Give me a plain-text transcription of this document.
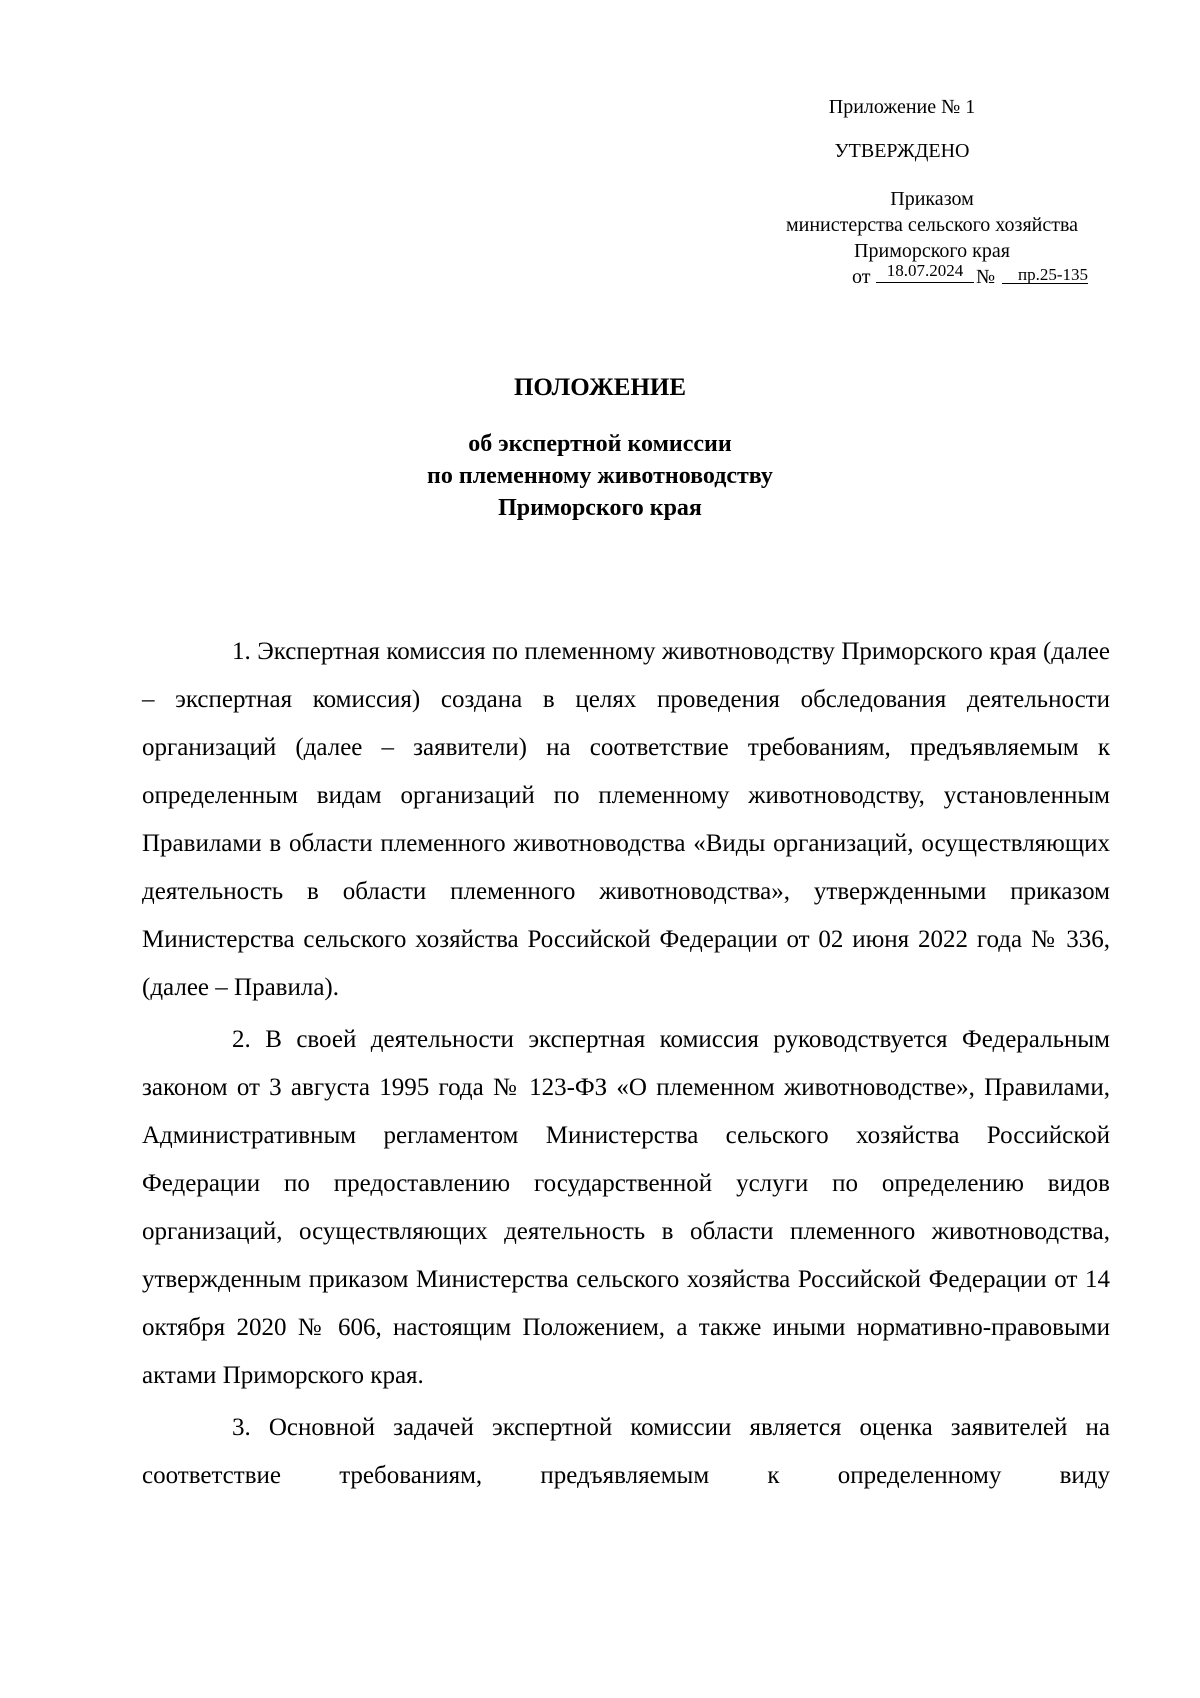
Приложение № 1
УТВЕРЖДЕНО
Приказом
министерства сельского хозяйства
Приморского края
от 18.07.2024 №	пр.25-135
ПОЛОЖЕНИЕ
об экспертной комиссии
по племенному животноводству
Приморского края

1. Экспертная комиссия по племенному животноводству Приморского края (далее – экспертная комиссия) создана в целях проведения обследования деятельности организаций (далее – заявители) на соответствие требованиям, предъявляемым к определенным видам организаций по племенному животноводству, установленным Правилами в области племенного животноводства «Виды организаций, осуществляющих деятельность в области племенного животноводства», утвержденными приказом Министерства сельского хозяйства Российской Федерации от 02 июня 2022 года № 336, (далее – Правила).

2. В своей деятельности экспертная комиссия руководствуется Федеральным законом от 3 августа 1995 года № 123-ФЗ «О племенном животноводстве», Правилами, Административным регламентом Министерства сельского хозяйства Российской Федерации по предоставлению государственной услуги по определению видов организаций, осуществляющих деятельность в области племенного животноводства, утвержденным приказом Министерства сельского хозяйства Российской Федерации от 14 октября 2020 № 606, настоящим Положением, а также иными нормативно-правовыми актами Приморского края.

3. Основной задачей экспертной комиссии является оценка заявителей на соответствие требованиям, предъявляемым к определенному виду
